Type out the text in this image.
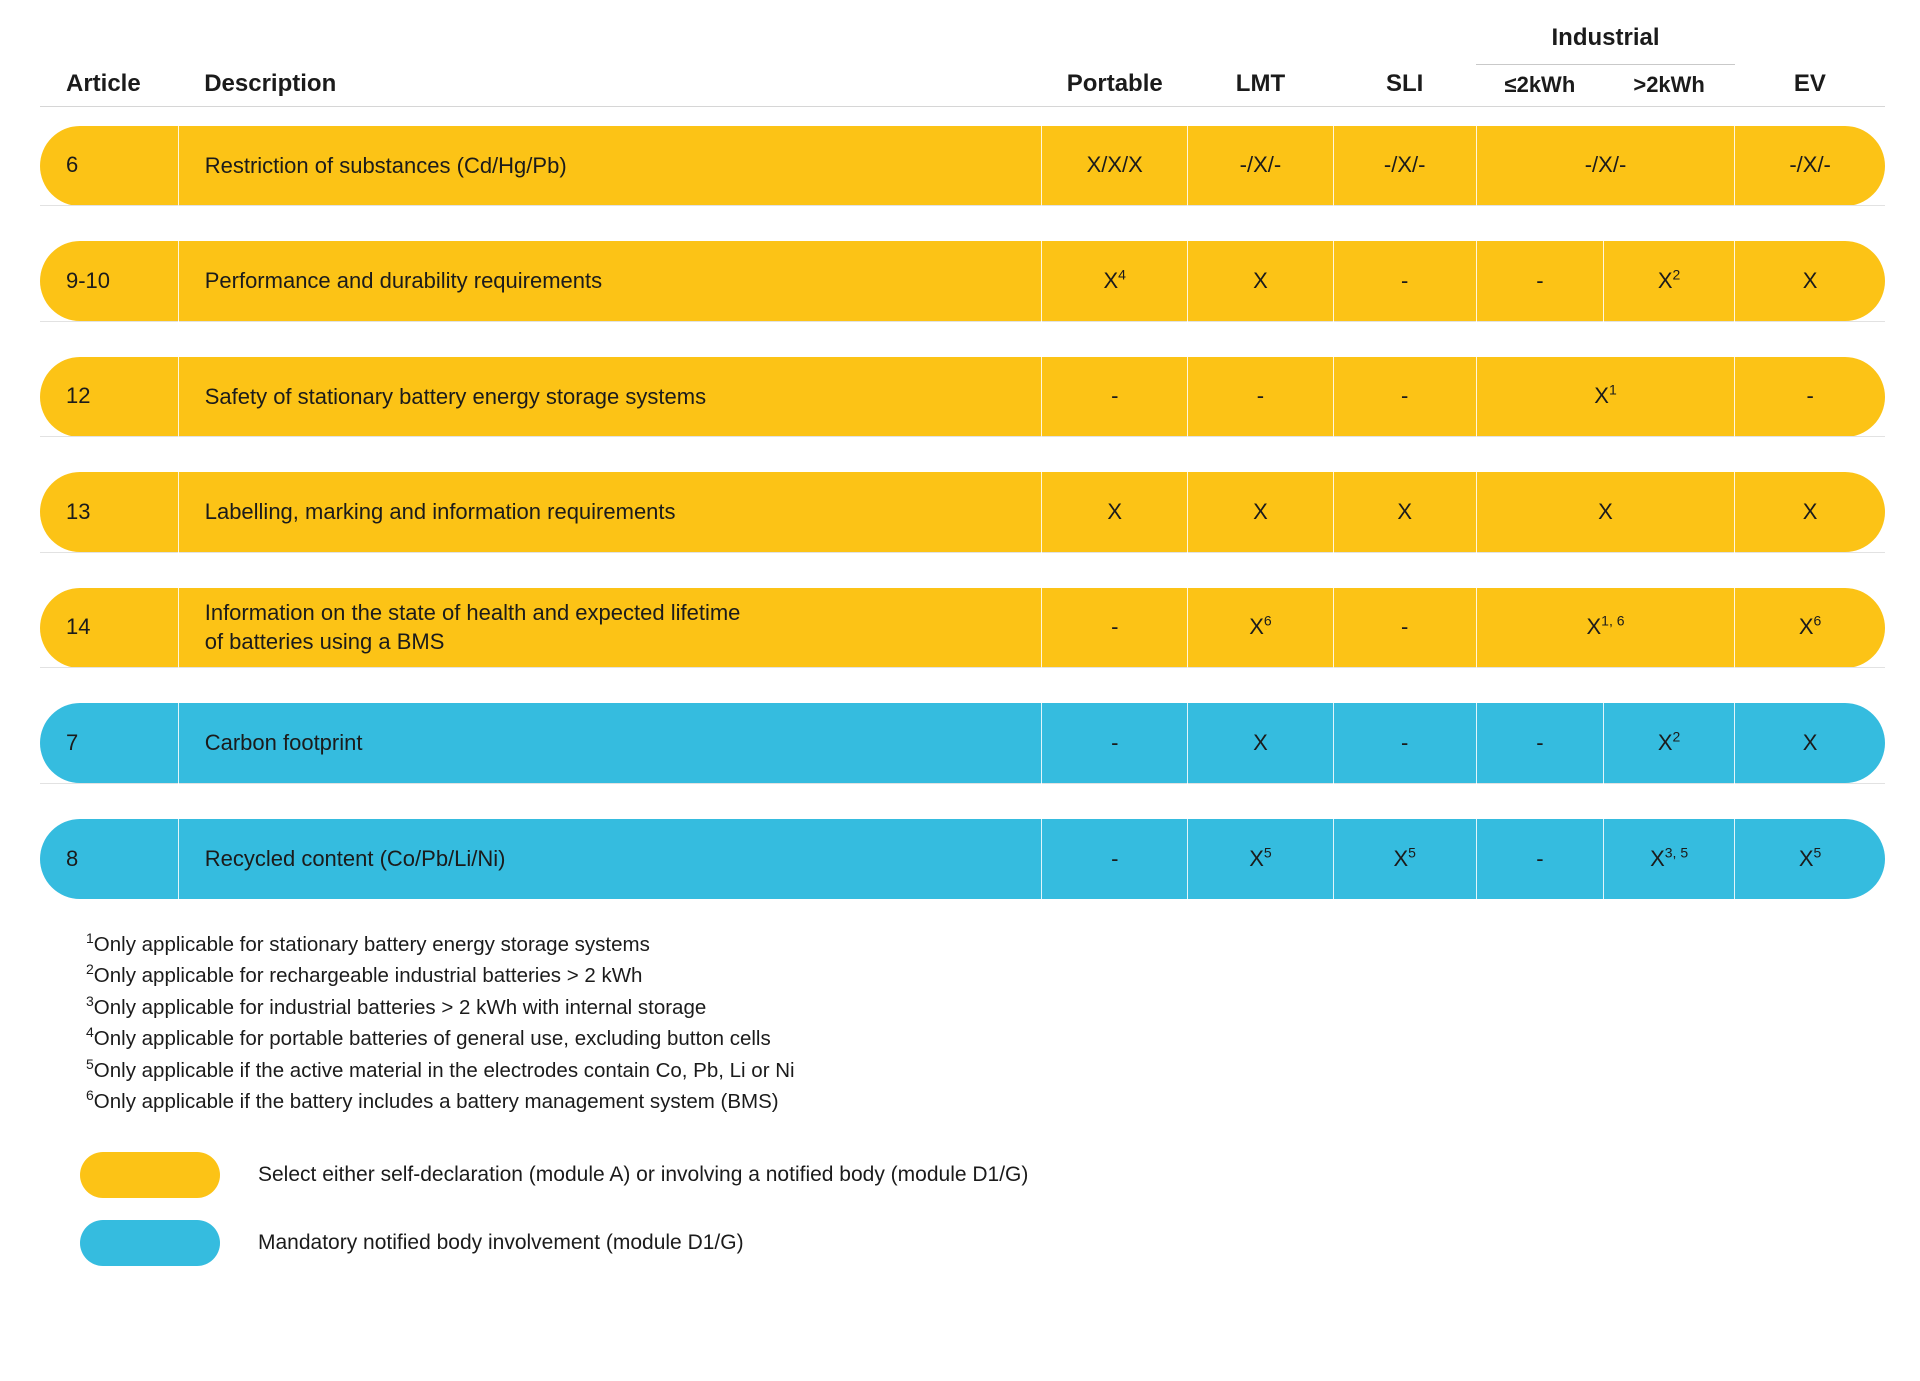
Article	Description	Portable	LMT	SLI	Industrial		EV
					≤2kWh	>2kWh	

6	Restriction of substances (Cd/Hg/Pb)	X/X/X	-/X/-	-/X/-	-/X/-		-/X/-

9-10	Performance and durability requirements	$X^4$	X	-	-	$X^2$	X

12	Safety of stationary battery energy storage systems	-	-	-	$X^1$		-

13	Labelling, marking and information requirements	X	X	X	X		X

14	Information on the state of health and expected lifetime
of batteries using a BMS	-	$X^6$	-	X$^{1, 6}$		$X^6$

7	Carbon footprint	-	X	-	-	$X^2$	X

8	Recycled content (Co/Pb/Li/Ni)	-	$X^5$	$X^5$	-	X$^{3, 5}$	$X^5$
$^1$Only applicable for stationary battery energy storage systems
$^2$Only applicable for rechargeable industrial batteries > 2 kWh
$^3$Only applicable for industrial batteries > 2 kWh with internal storage
$^4$Only applicable for portable batteries of general use, excluding button cells
$^5$Only applicable if the active material in the electrodes contain Co, Pb, Li or Ni
$^6$Only applicable if the battery includes a battery management system (BMS)
Select either self-declaration (module A) or involving a notified body (module D1/G)
Mandatory notified body involvement (module D1/G)
